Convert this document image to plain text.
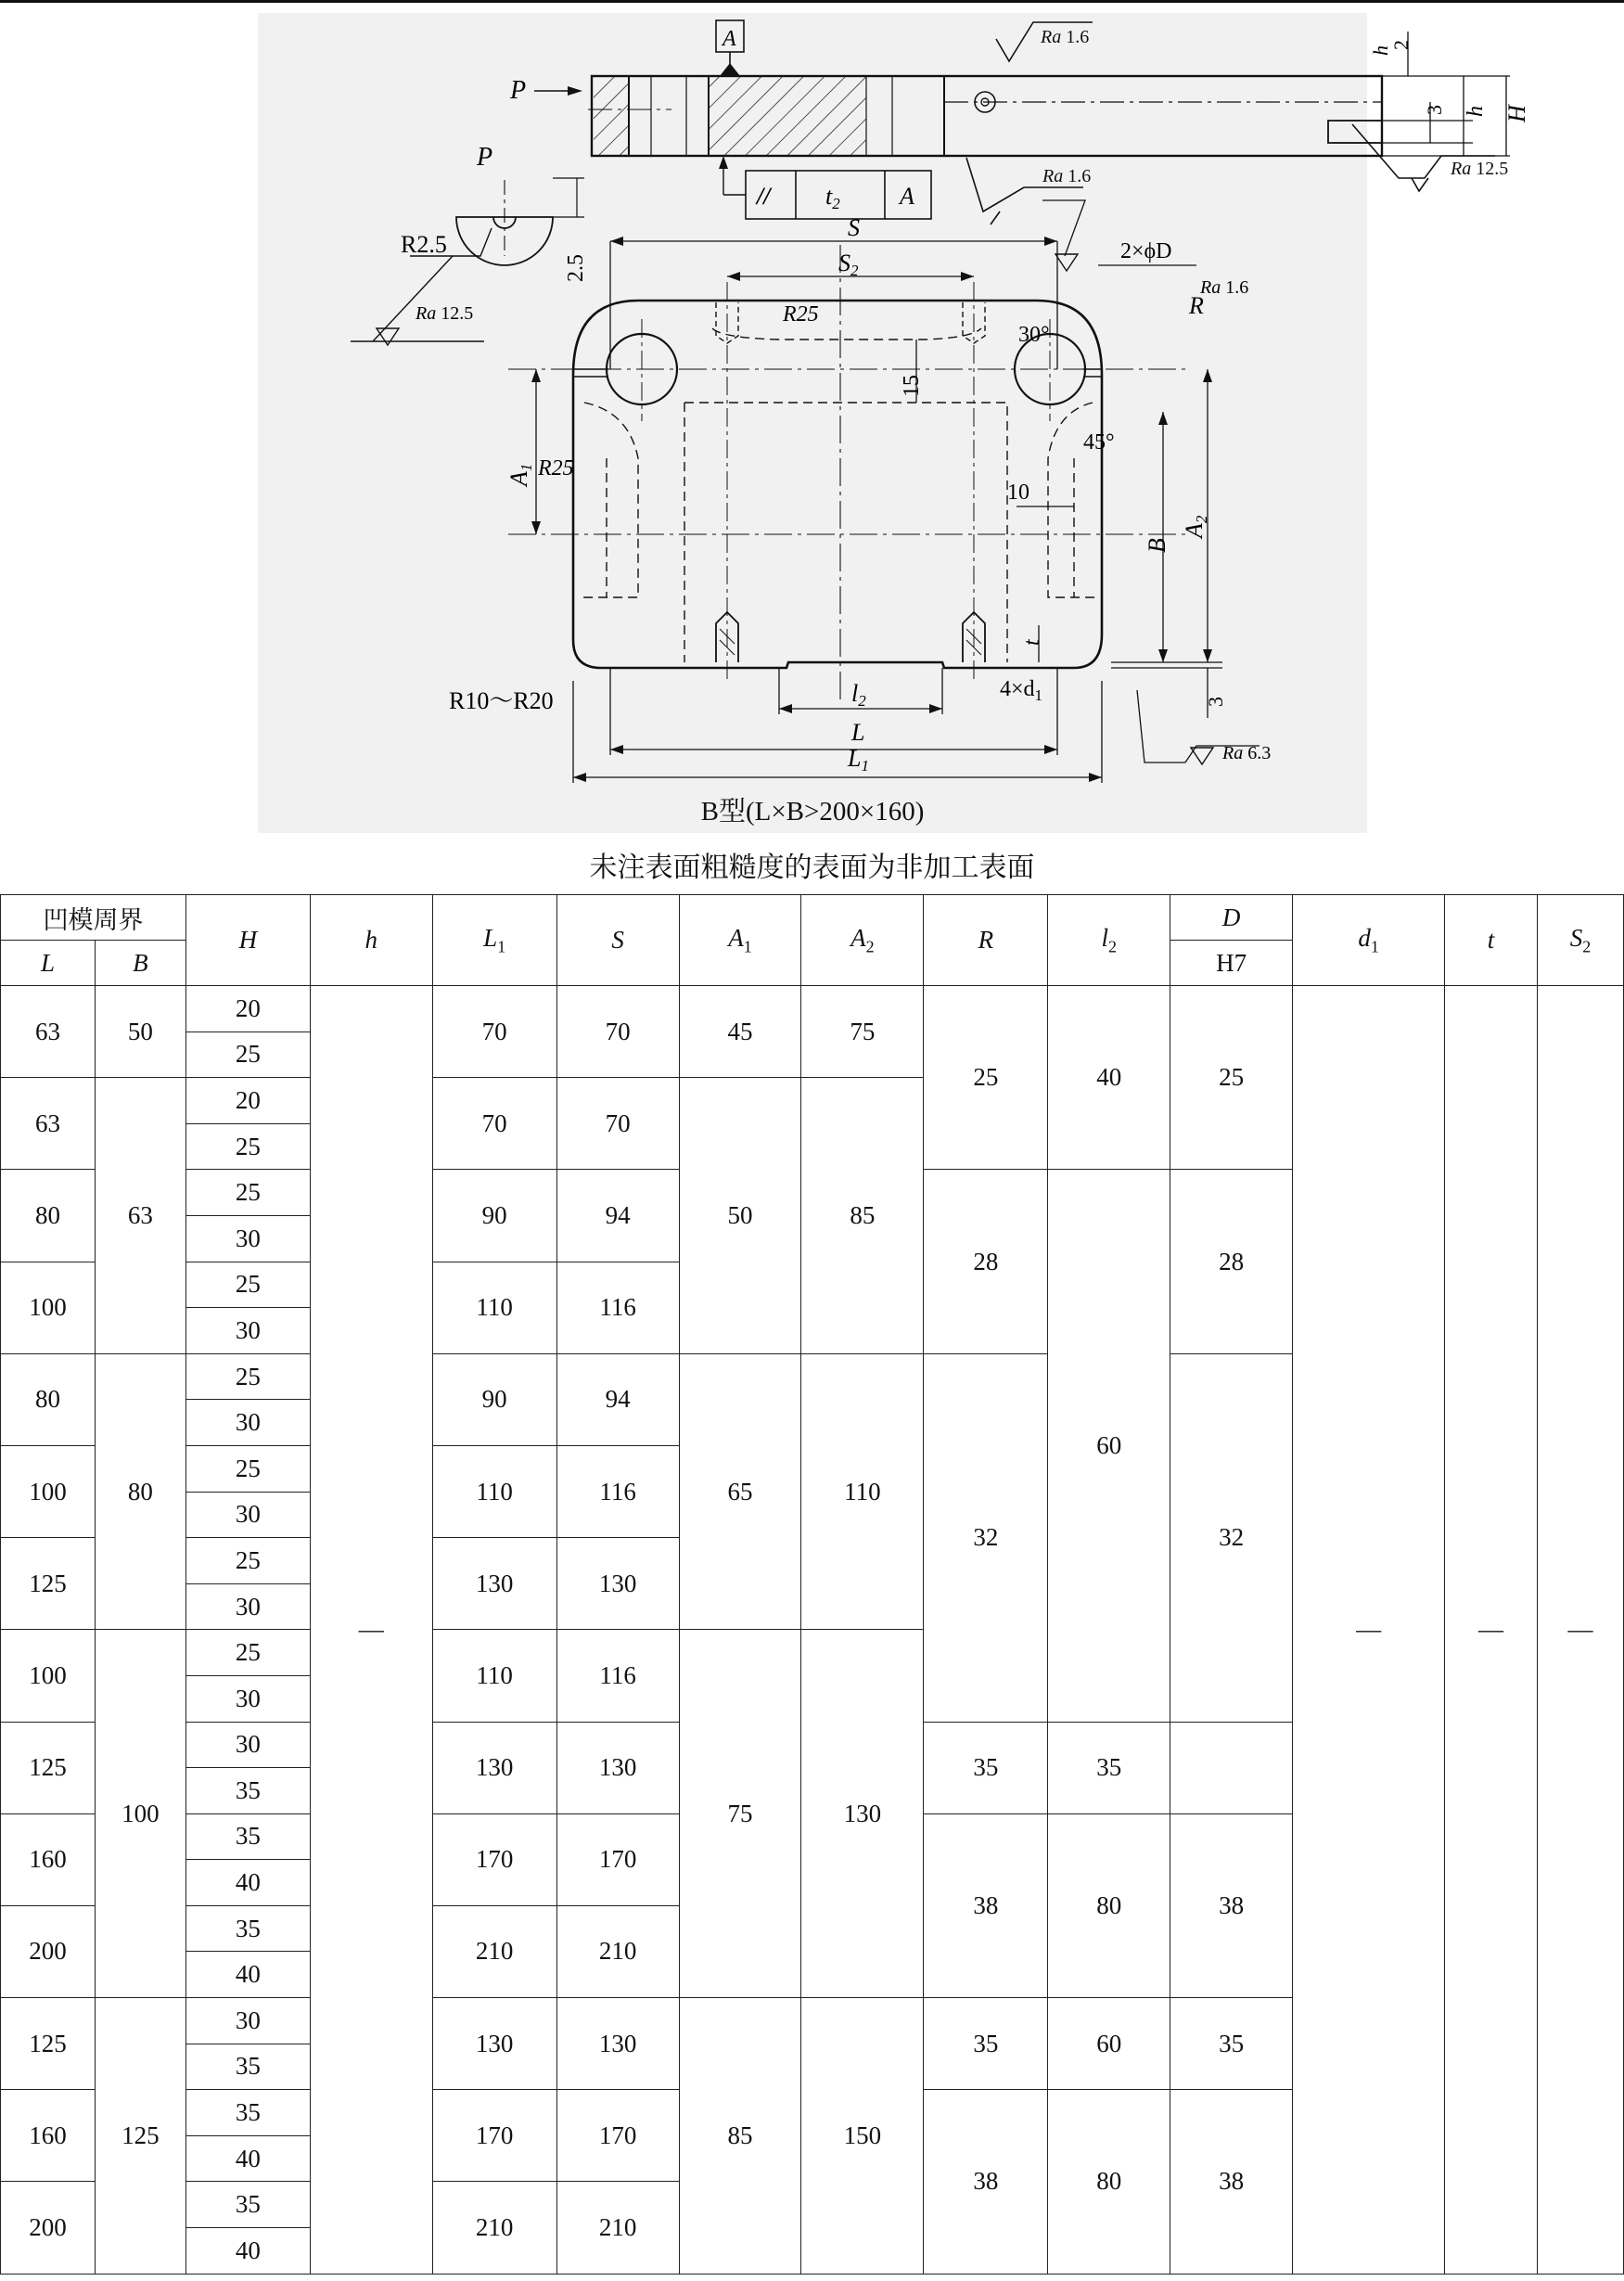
A
P
// t2 A
Ra 1.6
Ra 1.6	Ra 12.5
h
2
3 h H
P
R2.5
2.5
Ra 12.5
S
S2
2×ϕD
Ra 1.6
R
R25
30°
45°
15
A1 R25
10
B
A2
t
R10～R20	l2	$4\times d_1$	3
Ra 6.3
L
L1
B型(L×B>200×160)
未注表面粗糙度的表面为非加工表面
凹模周界		H	h	$L_1$	S	$A_1$	$A_2$	R	$l_2$	D	$d_1$	t	$S_2$
L	B									H7			
63	50	20	—	70	70	45	75	25	40	25	—	—	—
		25											
63	63	20		70	70	50	85						
		25											
80		25		90	94			28	60	28			
		30											
100		25		110	116								
		30											
80	80	25		90	94	65	110	32		32			
		30											
100		25		110	116								
		30											
125		25		130	130								
		30											
100	100	25		110	116	75	130						
		30											
125		30		130	130			35	35				
		35											
160		35		170	170			38	80	38			
		40											
200		35		210	210								
		40											
125	125	30		130	130	85	150	35	60	35			
		35											
160		35		170	170			38	80	38			
		40											
200		35		210	210								
		40											
